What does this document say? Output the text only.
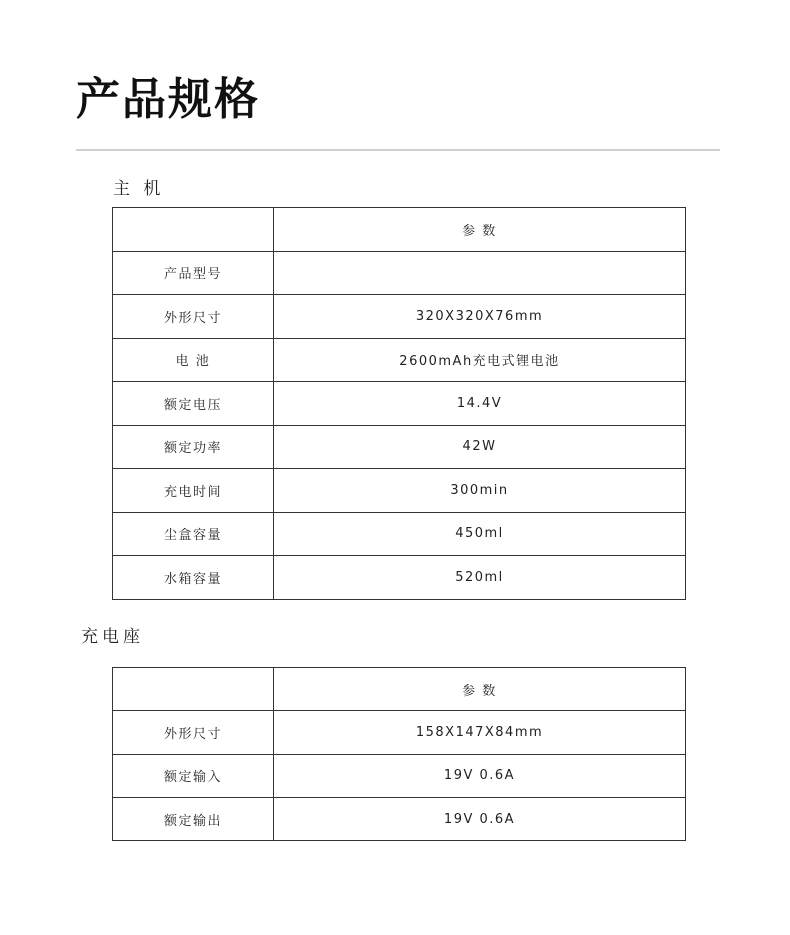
产品规格
主 机
	参 数
产品型号	
外形尺寸	320X320X76mm
电 池	2600mAh充电式锂电池
额定电压	14.4V
额定功率	42W
充电时间	300min
尘盒容量	450ml
水箱容量	520ml
充电座
	参 数
外形尺寸	158X147X84mm
额定输入	19V 0.6A
额定输出	19V 0.6A
